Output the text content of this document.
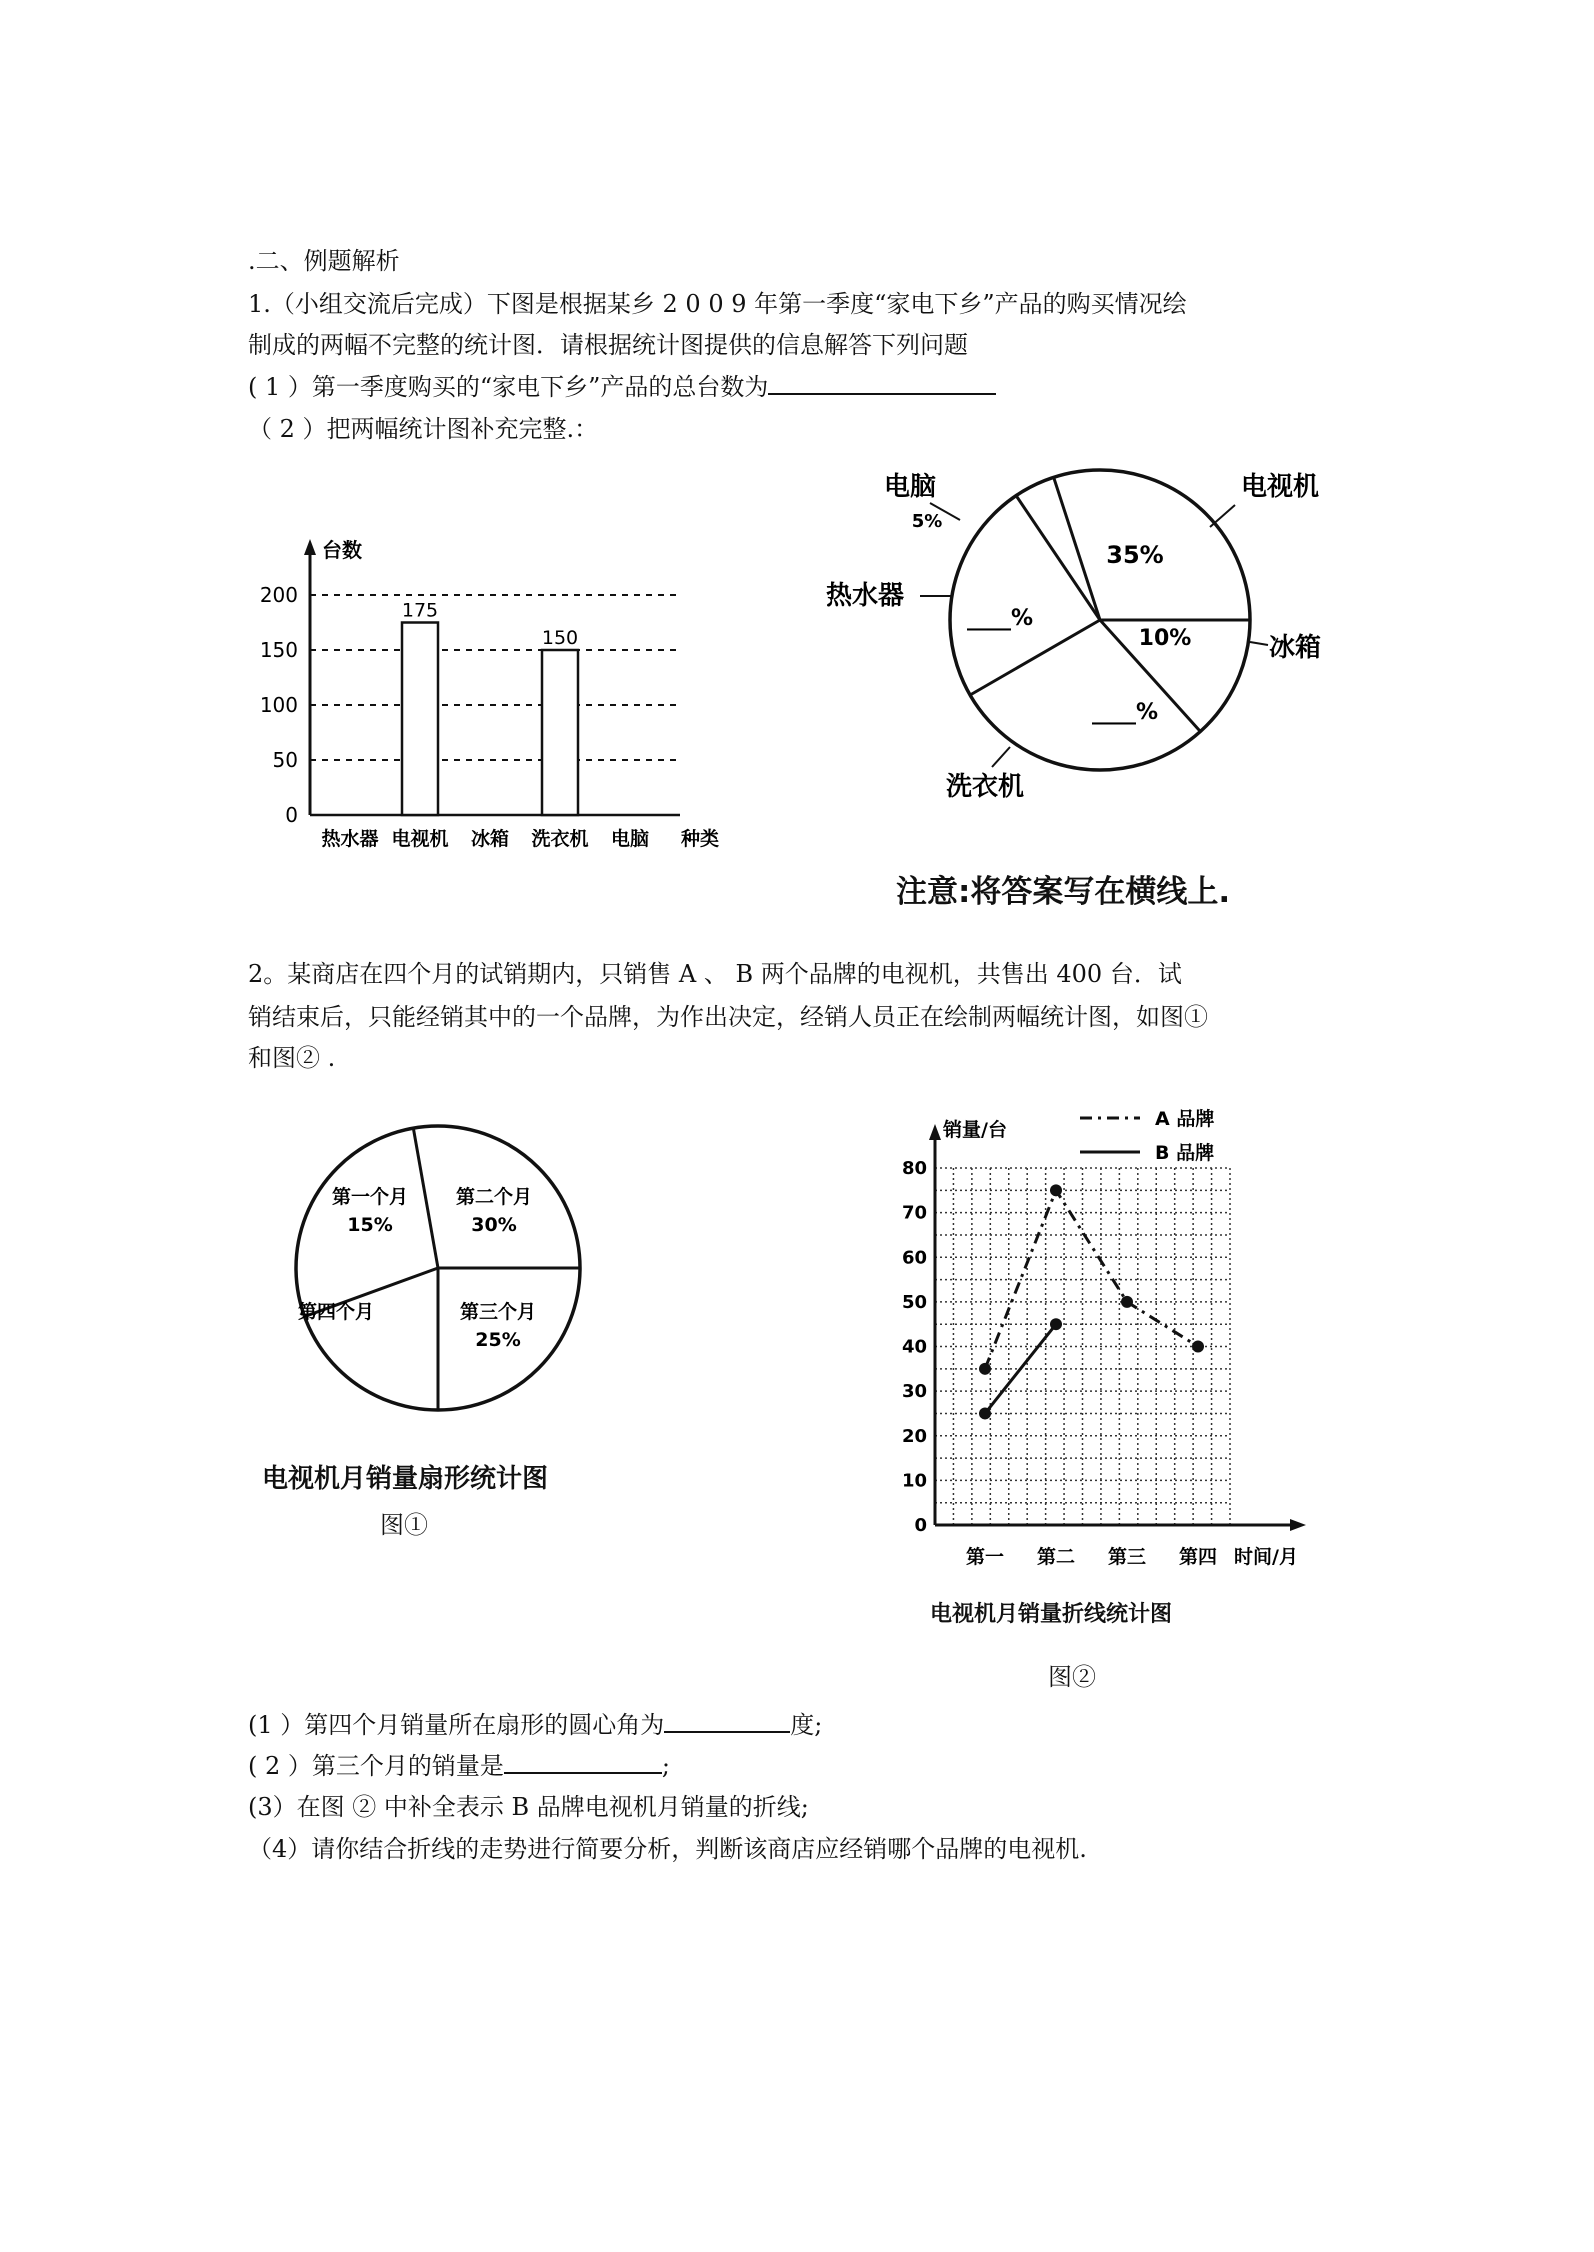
.二、例题解析
1.（小组交流后完成）下图是根据某乡 2 0 0 9 年第一季度“家电下乡”产品的购买情况绘
制成的两幅不完整的统计图．请根据统计图提供的信息解答下列问题
( 1 ）第一季度购买的“家电下乡”产品的总台数为
（ 2 ）把两幅统计图补充完整.：
台数
0
50
100
150
200
热水器 电视机
175
冰箱 洗衣机
150
电脑 种类
5%
35%
10%
____%
____%
电脑	电视机
冰箱
洗衣机
热水器
注意:将答案写在横线上.
2。某商店在四个月的试销期内，只销售 A 、 B 两个品牌的电视机，共售出 400 台．试
销结束后，只能经销其中的一个品牌，为作出决定，经销人员正在绘制两幅统计图，如图①
和图② .
第一个月
15%
第二个月
30%
第三个月
25%
第四个月
电视机月销量扇形统计图
图①
销量/台
0
10
20
30
40
50
60
70
80
第一 第二 第三 第四 时间/月
A 品牌
B 品牌
电视机月销量折线统计图
图②
(1 ）第四个月销量所在扇形的圆心角为	度;
( 2 ）第三个月的销量是	;
(3）在图 ② 中补全表示 B 品牌电视机月销量的折线;
（4）请你结合折线的走势进行简要分析，判断该商店应经销哪个品牌的电视机.
